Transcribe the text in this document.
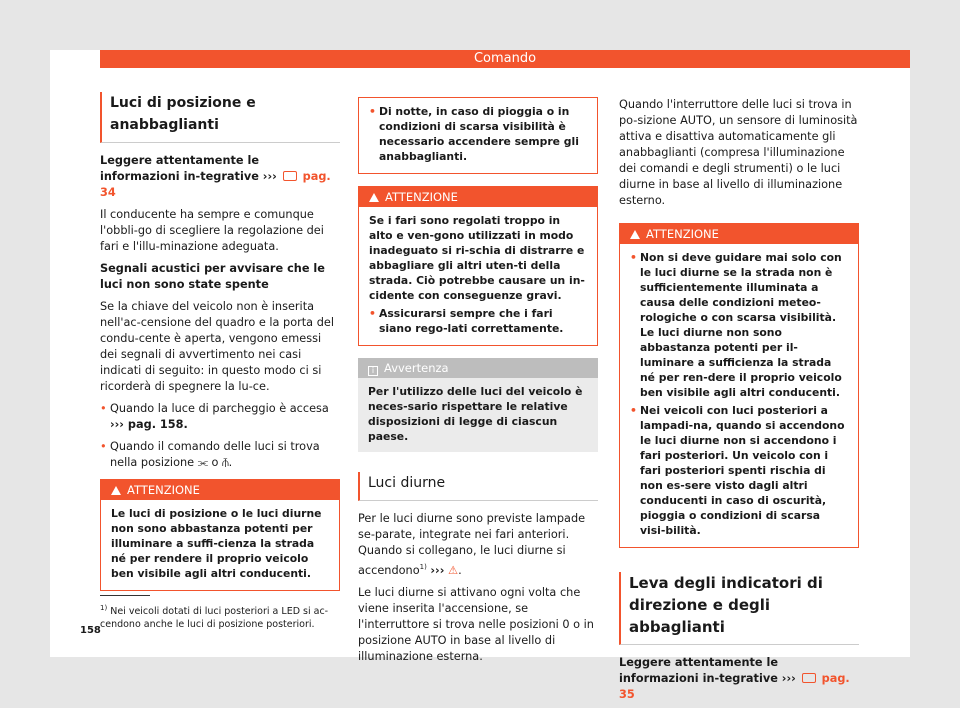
Comando
Luci di posizione e anabbaglianti

Leggere attentamente le informazioni in-tegrative ››› pag. 34

Il conducente ha sempre e comunque l'obbli-go di scegliere la regolazione dei fari e l'illu-minazione adeguata.

Segnali acustici per avvisare che le luci non sono state spente

Se la chiave del veicolo non è inserita nell'ac-censione del quadro e la porta del condu-cente è aperta, vengono emessi dei segnali di avvertimento nei casi indicati di seguito: in questo modo ci si ricorderà di spegnere la lu-ce.

• Quando la luce di parcheggio è accesa
››› pag. 158.
• Quando il comando delle luci si trova nella posizione ⫘ o ⫚.
ATTENZIONE

Le luci di posizione o le luci diurne non sono abbastanza potenti per illuminare a suffi-cienza la strada né per rendere il proprio veicolo ben visibile agli altri conducenti.

• Di notte, in caso di pioggia o in condizioni di scarsa visibilità è necessario accendere sempre gli anabbaglianti.
ATTENZIONE

Se i fari sono regolati troppo in alto e ven-gono utilizzati in modo inadeguato si ri-schia di distrarre e abbagliare gli altri uten-ti della strada. Ciò potrebbe causare un in-cidente con conseguenze gravi.

• Assicurarsi sempre che i fari siano rego-lati correttamente.
i Avvertenza

Per l'utilizzo delle luci del veicolo è neces-sario rispettare le relative disposizioni di legge di ciascun paese.

Luci diurne

Per le luci diurne sono previste lampade se-parate, integrate nei fari anteriori. Quando si collegano, le luci diurne si accendono$^{1)}$ ››› ⚠.

Le luci diurne si attivano ogni volta che viene inserita l'accensione, se l'interruttore si trova nelle posizioni 0 o in posizione AUTO in base al livello di illuminazione esterna.

Quando l'interruttore delle luci si trova in po-sizione AUTO, un sensore di luminosità attiva e disattiva automaticamente gli anabbaglianti (compresa l'illuminazione dei comandi e degli strumenti) o le luci diurne in base al livello di illuminazione esterno.

ATTENZIONE
• Non si deve guidare mai solo con le luci diurne se la strada non è sufficientemente illuminata a causa delle condizioni meteo-rologiche o con scarsa visibilità. Le luci diurne non sono abbastanza potenti per il-luminare a sufficienza la strada né per ren-dere il proprio veicolo ben visibile agli altri conducenti.
• Nei veicoli con luci posteriori a lampadi-na, quando si accendono le luci diurne non si accendono i fari posteriori. Un veicolo con i fari posteriori spenti rischia di non es-sere visto dagli altri conducenti in caso di oscurità, pioggia o condizioni di scarsa visi-bilità.
Leva degli indicatori di direzione e degli abbaglianti

Leggere attentamente le informazioni in-tegrative ››› pag. 35

$^{1)}$ Nei veicoli dotati di luci posteriori a LED si ac-cendono anche le luci di posizione posteriori.

158
